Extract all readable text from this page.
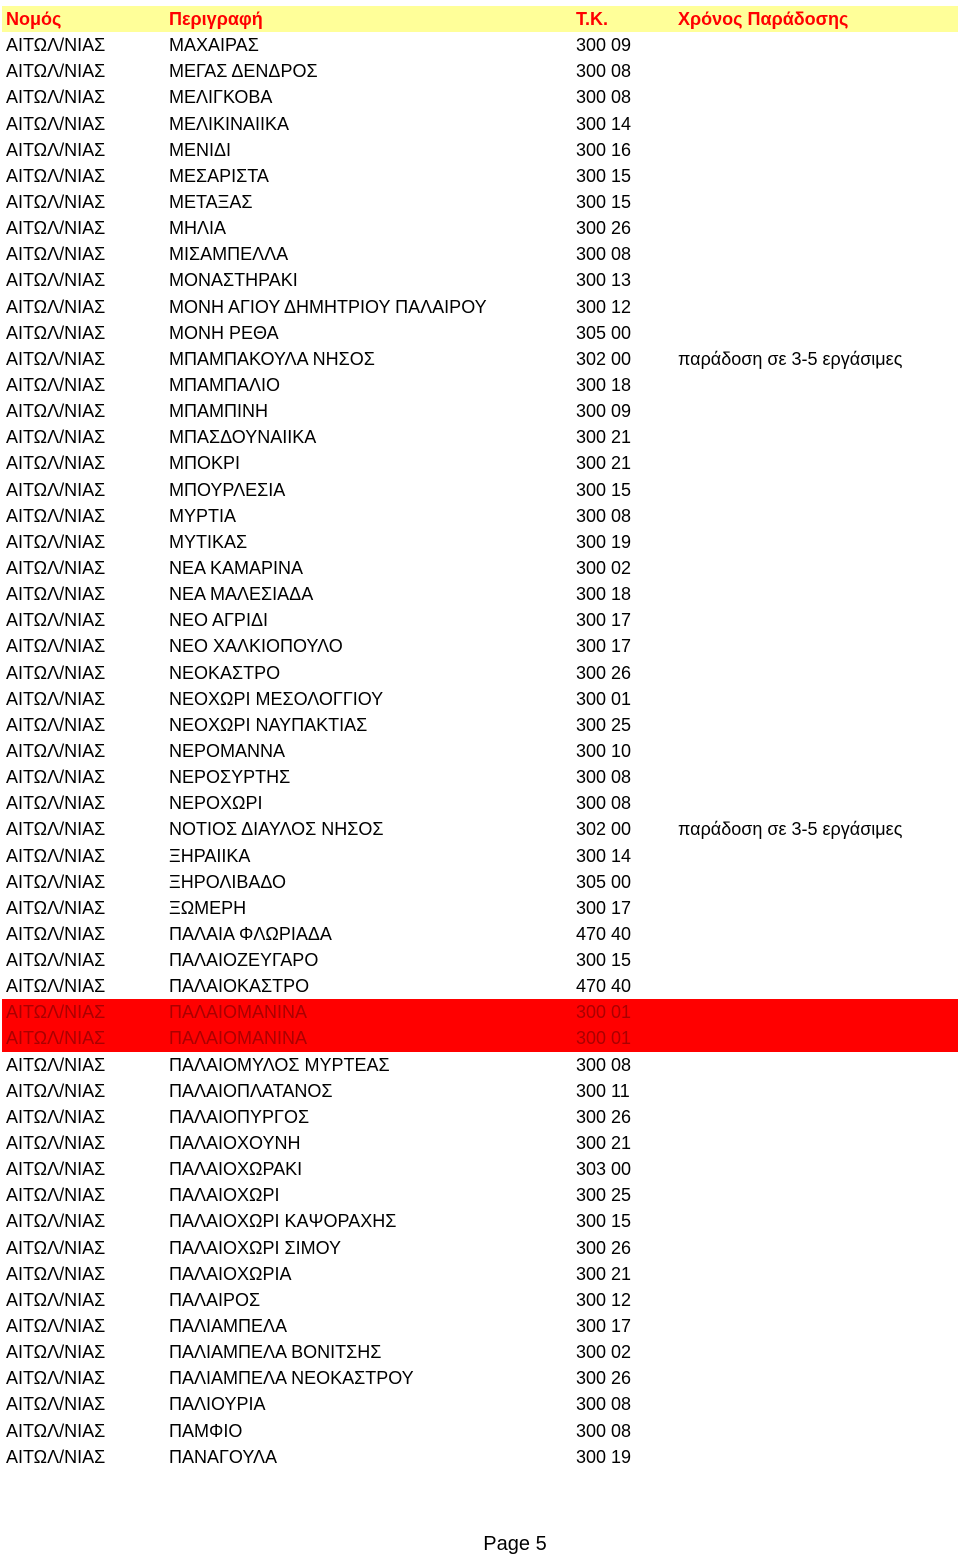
Νομός	Περιγραφή	Τ.Κ.	Χρόνος Παράδοσης
ΑΙΤΩΛ/ΝΙΑΣ	ΜΑΧΑΙΡΑΣ	300 09
ΑΙΤΩΛ/ΝΙΑΣ	ΜΕΓΑΣ ΔΕΝΔΡΟΣ	300 08
ΑΙΤΩΛ/ΝΙΑΣ	ΜΕΛΙΓΚΟΒΑ	300 08
ΑΙΤΩΛ/ΝΙΑΣ	ΜΕΛΙΚΙΝΑΙΙΚΑ	300 14
ΑΙΤΩΛ/ΝΙΑΣ	ΜΕΝΙΔΙ	300 16
ΑΙΤΩΛ/ΝΙΑΣ	ΜΕΣΑΡΙΣΤΑ	300 15
ΑΙΤΩΛ/ΝΙΑΣ	ΜΕΤΑΞΑΣ	300 15
ΑΙΤΩΛ/ΝΙΑΣ	ΜΗΛΙΑ	300 26
ΑΙΤΩΛ/ΝΙΑΣ	ΜΙΣΑΜΠΕΛΛΑ	300 08
ΑΙΤΩΛ/ΝΙΑΣ	ΜΟΝΑΣΤΗΡΑΚΙ	300 13
ΑΙΤΩΛ/ΝΙΑΣ	ΜΟΝΗ ΑΓΙΟΥ ΔΗΜΗΤΡΙΟΥ ΠΑΛΑΙΡΟΥ	300 12
ΑΙΤΩΛ/ΝΙΑΣ	ΜΟΝΗ ΡΕΘΑ	305 00
ΑΙΤΩΛ/ΝΙΑΣ	ΜΠΑΜΠΑΚΟΥΛΑ ΝΗΣΟΣ	302 00	παράδοση σε 3-5 εργάσιμες
ΑΙΤΩΛ/ΝΙΑΣ	ΜΠΑΜΠΑΛΙΟ	300 18
ΑΙΤΩΛ/ΝΙΑΣ	ΜΠΑΜΠΙΝΗ	300 09
ΑΙΤΩΛ/ΝΙΑΣ	ΜΠΑΣΔΟΥΝΑΙΙΚΑ	300 21
ΑΙΤΩΛ/ΝΙΑΣ	ΜΠΟΚΡΙ	300 21
ΑΙΤΩΛ/ΝΙΑΣ	ΜΠΟΥΡΛΕΣΙΑ	300 15
ΑΙΤΩΛ/ΝΙΑΣ	ΜΥΡΤΙΑ	300 08
ΑΙΤΩΛ/ΝΙΑΣ	ΜΥΤΙΚΑΣ	300 19
ΑΙΤΩΛ/ΝΙΑΣ	ΝΕΑ ΚΑΜΑΡΙΝΑ	300 02
ΑΙΤΩΛ/ΝΙΑΣ	ΝΕΑ ΜΑΛΕΣΙΑΔΑ	300 18
ΑΙΤΩΛ/ΝΙΑΣ	ΝΕΟ ΑΓΡΙΔΙ	300 17
ΑΙΤΩΛ/ΝΙΑΣ	ΝΕΟ ΧΑΛΚΙΟΠΟΥΛΟ	300 17
ΑΙΤΩΛ/ΝΙΑΣ	ΝΕΟΚΑΣΤΡΟ	300 26
ΑΙΤΩΛ/ΝΙΑΣ	ΝΕΟΧΩΡΙ ΜΕΣΟΛΟΓΓΙΟΥ	300 01
ΑΙΤΩΛ/ΝΙΑΣ	ΝΕΟΧΩΡΙ ΝΑΥΠΑΚΤΙΑΣ	300 25
ΑΙΤΩΛ/ΝΙΑΣ	ΝΕΡΟΜΑΝΝΑ	300 10
ΑΙΤΩΛ/ΝΙΑΣ	ΝΕΡΟΣΥΡΤΗΣ	300 08
ΑΙΤΩΛ/ΝΙΑΣ	ΝΕΡΟΧΩΡΙ	300 08
ΑΙΤΩΛ/ΝΙΑΣ	ΝΟΤΙΟΣ ΔΙΑΥΛΟΣ ΝΗΣΟΣ	302 00	παράδοση σε 3-5 εργάσιμες
ΑΙΤΩΛ/ΝΙΑΣ	ΞΗΡΑΙΙΚΑ	300 14
ΑΙΤΩΛ/ΝΙΑΣ	ΞΗΡΟΛΙΒΑΔΟ	305 00
ΑΙΤΩΛ/ΝΙΑΣ	ΞΩΜΕΡΗ	300 17
ΑΙΤΩΛ/ΝΙΑΣ	ΠΑΛΑΙΑ ΦΛΩΡΙΑΔΑ	470 40
ΑΙΤΩΛ/ΝΙΑΣ	ΠΑΛΑΙΟΖΕΥΓΑΡΟ	300 15
ΑΙΤΩΛ/ΝΙΑΣ	ΠΑΛΑΙΟΚΑΣΤΡΟ	470 40
ΑΙΤΩΛ/ΝΙΑΣ	ΠΑΛΑΙΟΜΑΝΙΝΑ	300 01
ΑΙΤΩΛ/ΝΙΑΣ	ΠΑΛΑΙΟΜΑΝΙΝΑ	300 01
ΑΙΤΩΛ/ΝΙΑΣ	ΠΑΛΑΙΟΜΥΛΟΣ ΜΥΡΤΕΑΣ	300 08
ΑΙΤΩΛ/ΝΙΑΣ	ΠΑΛΑΙΟΠΛΑΤΑΝΟΣ	300 11
ΑΙΤΩΛ/ΝΙΑΣ	ΠΑΛΑΙΟΠΥΡΓΟΣ	300 26
ΑΙΤΩΛ/ΝΙΑΣ	ΠΑΛΑΙΟΧΟΥΝΗ	300 21
ΑΙΤΩΛ/ΝΙΑΣ	ΠΑΛΑΙΟΧΩΡΑΚΙ	303 00
ΑΙΤΩΛ/ΝΙΑΣ	ΠΑΛΑΙΟΧΩΡΙ	300 25
ΑΙΤΩΛ/ΝΙΑΣ	ΠΑΛΑΙΟΧΩΡΙ ΚΑΨΟΡΑΧΗΣ	300 15
ΑΙΤΩΛ/ΝΙΑΣ	ΠΑΛΑΙΟΧΩΡΙ ΣΙΜΟΥ	300 26
ΑΙΤΩΛ/ΝΙΑΣ	ΠΑΛΑΙΟΧΩΡΙΑ	300 21
ΑΙΤΩΛ/ΝΙΑΣ	ΠΑΛΑΙΡΟΣ	300 12
ΑΙΤΩΛ/ΝΙΑΣ	ΠΑΛΙΑΜΠΕΛΑ	300 17
ΑΙΤΩΛ/ΝΙΑΣ	ΠΑΛΙΑΜΠΕΛΑ ΒΟΝΙΤΣΗΣ	300 02
ΑΙΤΩΛ/ΝΙΑΣ	ΠΑΛΙΑΜΠΕΛΑ ΝΕΟΚΑΣΤΡΟΥ	300 26
ΑΙΤΩΛ/ΝΙΑΣ	ΠΑΛΙΟΥΡΙΑ	300 08
ΑΙΤΩΛ/ΝΙΑΣ	ΠΑΜΦΙΟ	300 08
ΑΙΤΩΛ/ΝΙΑΣ	ΠΑΝΑΓΟΥΛΑ	300 19
Page 5
